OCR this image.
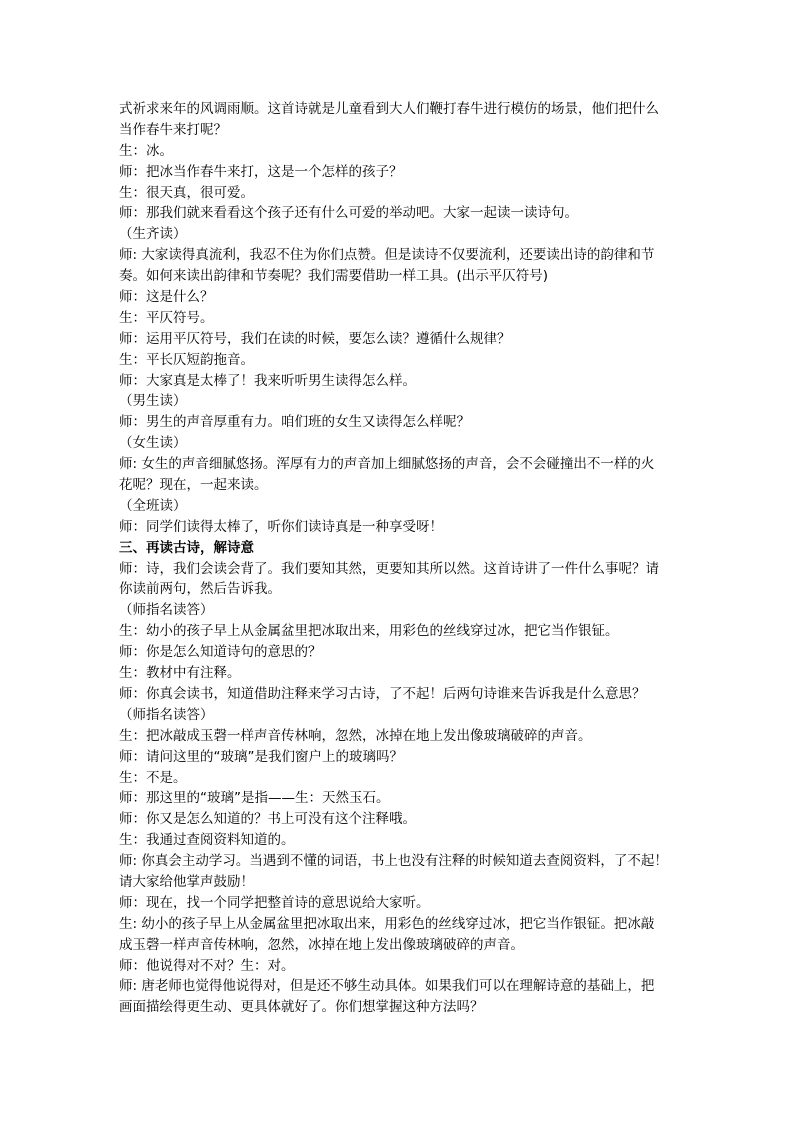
式祈求来年的风调雨顺。这首诗就是儿童看到大人们鞭打春牛进行模仿的场景，他们把什么
当作春牛来打呢？
生：冰。
师：把冰当作春牛来打，这是一个怎样的孩子？
生：很天真，很可爱。
师：那我们就来看看这个孩子还有什么可爱的举动吧。大家一起读一读诗句。
（生齐读）
师: 大家读得真流利，我忍不住为你们点赞。但是读诗不仅要流利，还要读出诗的韵律和节
奏。如何来读出韵律和节奏呢？我们需要借助一样工具。(出示平仄符号)
师：这是什么？
生：平仄符号。
师：运用平仄符号，我们在读的时候，要怎么读？遵循什么规律？
生：平长仄短韵拖音。
师：大家真是太棒了！我来听听男生读得怎么样。
（男生读）
师：男生的声音厚重有力。咱们班的女生又读得怎么样呢？
（女生读）
师: 女生的声音细腻悠扬。浑厚有力的声音加上细腻悠扬的声音，会不会碰撞出不一样的火
花呢？现在，一起来读。
（全班读）
师：同学们读得太棒了，听你们读诗真是一种享受呀！
三、再读古诗，解诗意
师：诗，我们会读会背了。我们要知其然，更要知其所以然。这首诗讲了一件什么事呢？请
你读前两句，然后告诉我。
（师指名读答）
生：幼小的孩子早上从金属盆里把冰取出来，用彩色的丝线穿过冰，把它当作银钲。
师：你是怎么知道诗句的意思的？
生：教材中有注释。
师：你真会读书，知道借助注释来学习古诗，了不起！后两句诗谁来告诉我是什么意思？
（师指名读答）
生：把冰敲成玉磬一样声音传林响，忽然，冰掉在地上发出像玻璃破碎的声音。
师：请问这里的“玻璃”是我们窗户上的玻璃吗？
生：不是。
师：那这里的“玻璃”是指——生：天然玉石。
师：你又是怎么知道的？书上可没有这个注释哦。
生：我通过查阅资料知道的。
师: 你真会主动学习。当遇到不懂的词语，书上也没有注释的时候知道去查阅资料，了不起！
请大家给他掌声鼓励！
师：现在，找一个同学把整首诗的意思说给大家听。
生: 幼小的孩子早上从金属盆里把冰取出来，用彩色的丝线穿过冰，把它当作银钲。把冰敲
成玉磬一样声音传林响，忽然，冰掉在地上发出像玻璃破碎的声音。
师：他说得对不对？生：对。
师: 唐老师也觉得他说得对，但是还不够生动具体。如果我们可以在理解诗意的基础上，把
画面描绘得更生动、更具体就好了。你们想掌握这种方法吗？
